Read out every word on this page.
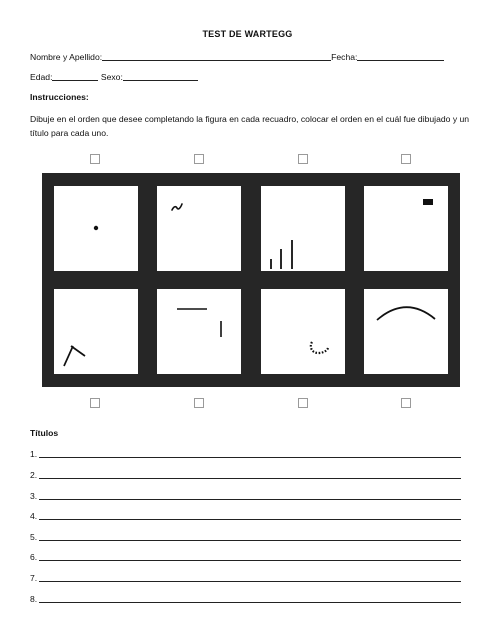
TEST DE WARTEGG
Nombre y Apellido:	Fecha:
Edad:	Sexo:
Instrucciones:
Dibuje en el orden que desee completando la figura en cada recuadro, colocar el orden en el cuál fue dibujado y un título para cada uno.
Títulos
1.
2.
3.
4.
5.
6.
7.
8.
